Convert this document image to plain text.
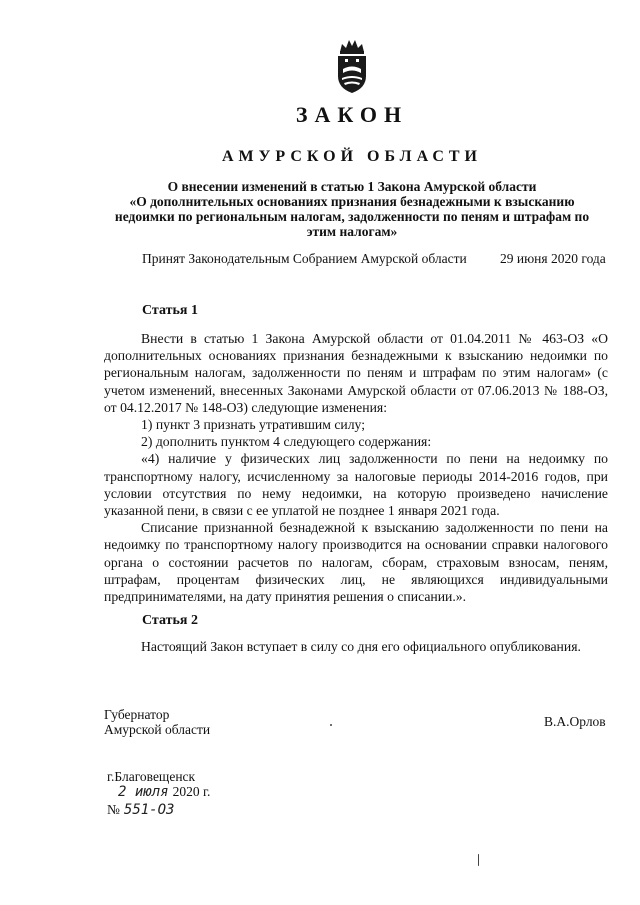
ЗАКОН
АМУРСКОЙ ОБЛАСТИ
О внесении изменений в статью 1 Закона Амурской области
«О дополнительных основаниях признания безнадежными к взысканию
недоимки по региональным налогам, задолженности по пеням и штрафам по
этим налогам»
Принят Законодательным Собранием Амурской области 29 июня 2020 года
Статья 1

Внести в статью 1 Закона Амурской области от 01.04.2011 № 463-ОЗ «О дополнительных основаниях признания безнадежными к взысканию недоимки по региональным налогам, задолженности по пеням и штрафам по этим налогам» (с учетом изменений, внесенных Законами Амурской области от 07.06.2013 № 188-ОЗ, от 04.12.2017 № 148-ОЗ) следующие изменения:

1) пункт 3 признать утратившим силу;

2) дополнить пунктом 4 следующего содержания:

«4) наличие у физических лиц задолженности по пени на недоимку по транспортному налогу, исчисленному за налоговые периоды 2014-2016 годов, при условии отсутствия по нему недоимки, на которую произведено начисление указанной пени, в связи с ее уплатой не позднее 1 января 2021 года.

Списание признанной безнадежной к взысканию задолженности по пени на недоимку по транспортному налогу производится на основании справки налогового органа о состоянии расчетов по налогам, сборам, страховым взносам, пеням, штрафам, процентам физических лиц, не являющихся индивидуальными предпринимателями, на дату принятия решения о списании.».

Статья 2

Настоящий Закон вступает в силу со дня его официального опубликования.

Губернатор
Амурской области
В.А.Орлов
г.Благовещенск
2 июля 2020 г.
№ 551-ОЗ
